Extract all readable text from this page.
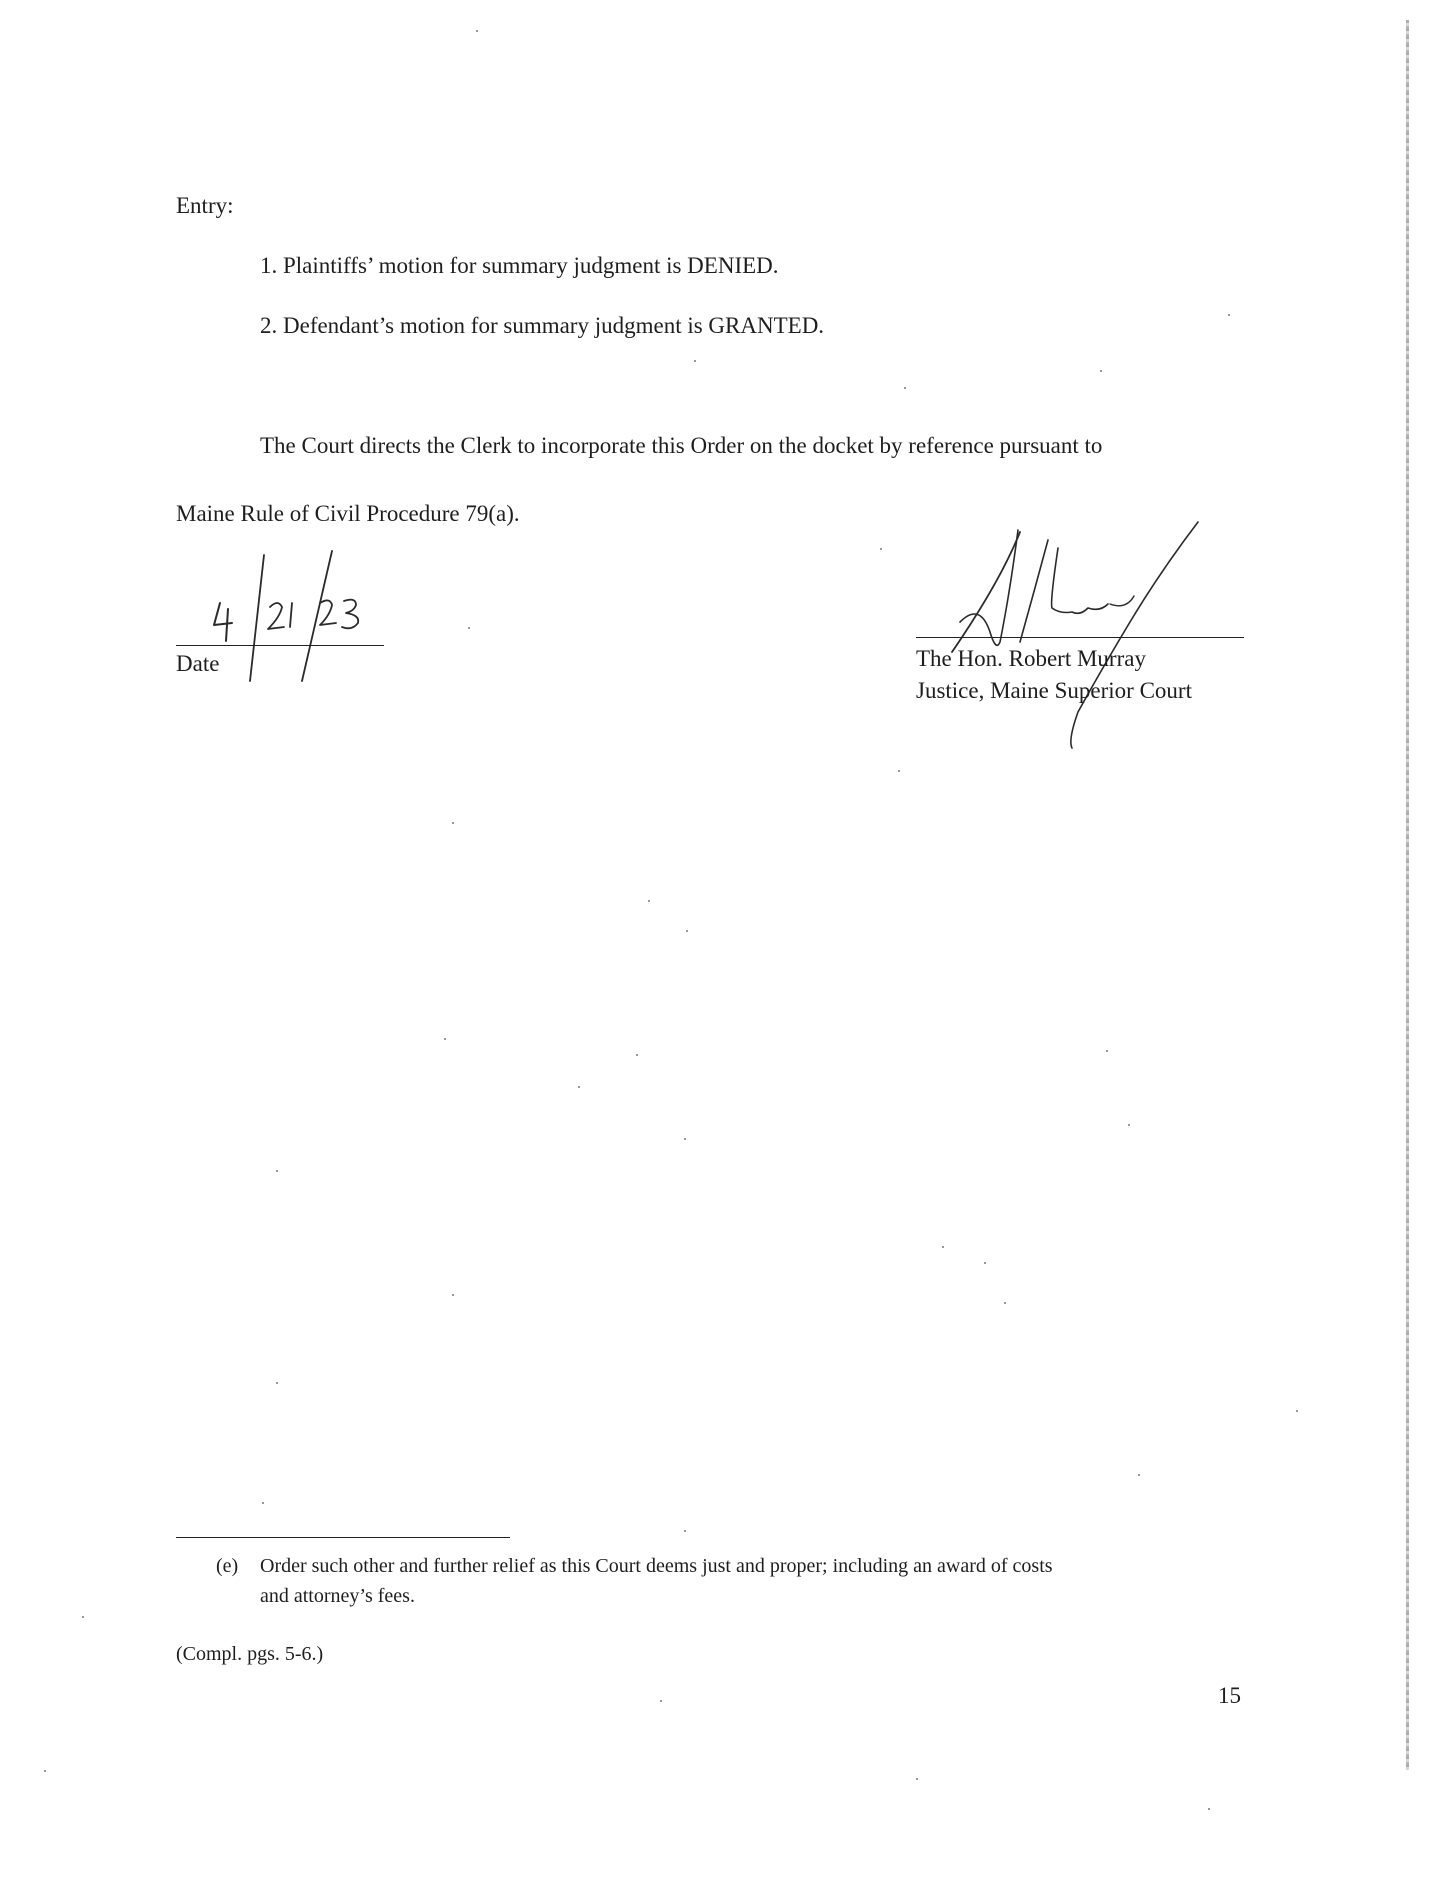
Entry:
1. Plaintiffs’ motion for summary judgment is DENIED.
2. Defendant’s motion for summary judgment is GRANTED.
The Court directs the Clerk to incorporate this Order on the docket by reference pursuant to
Maine Rule of Civil Procedure 79(a).
Date	The Hon. Robert Murray
Justice, Maine Superior Court
(e) Order such other and further relief as this Court deems just and proper; including an award of costs
and attorney’s fees.
(Compl. pgs. 5-6.)
15
